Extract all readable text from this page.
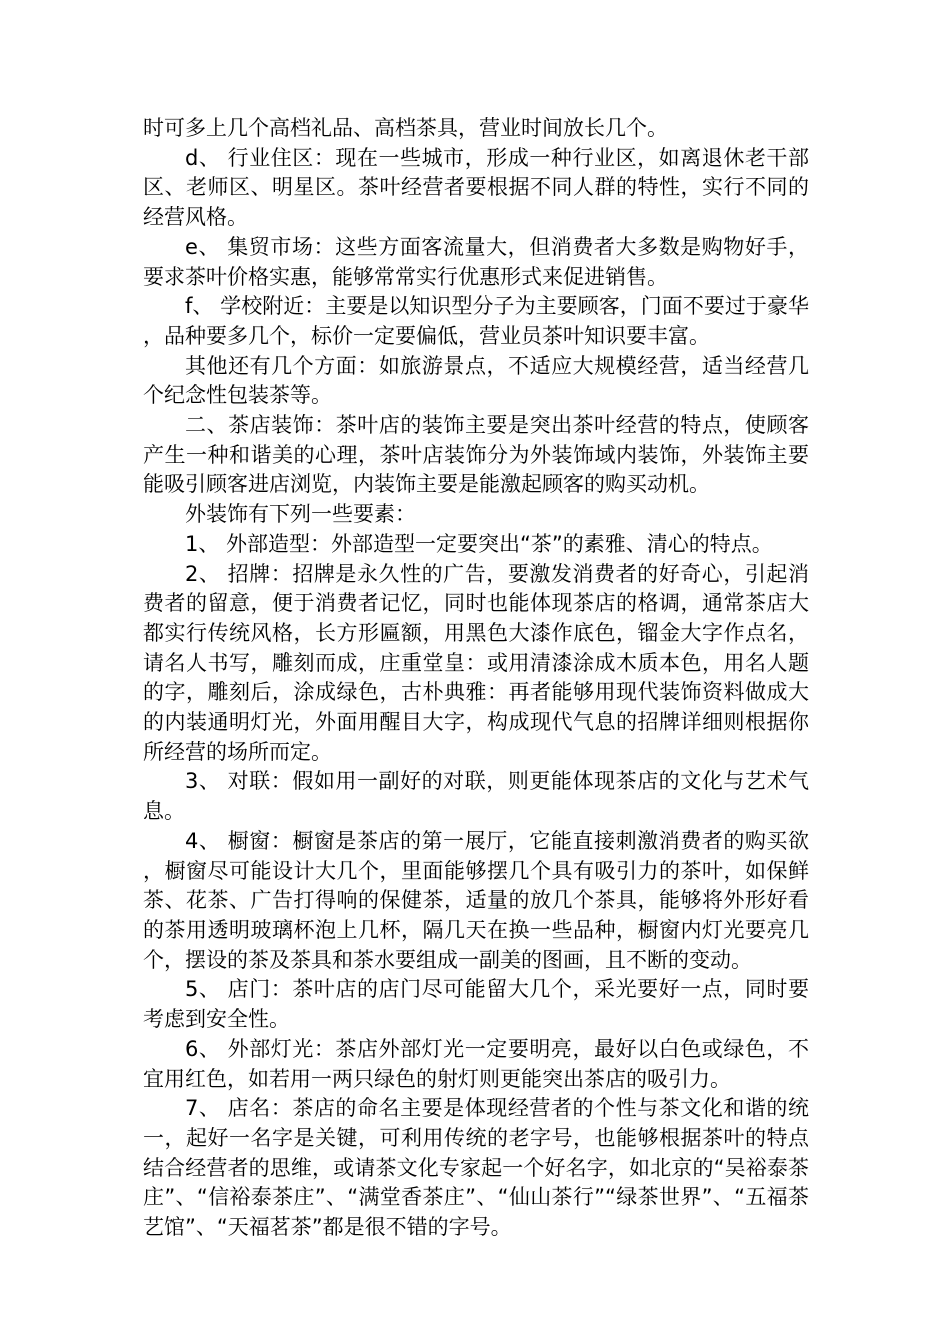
时可多上几个高档礼品、高档茶具，营业时间放长几个。

d、 行业住区：现在一些城市，形成一种行业区，如离退休老干部区、老师区、明星区。茶叶经营者要根据不同人群的特性，实行不同的经营风格。

e、 集贸市场：这些方面客流量大，但消费者大多数是购物好手，要求茶叶价格实惠，能够常常实行优惠形式来促进销售。

f、 学校附近：主要是以知识型分子为主要顾客，门面不要过于豪华，品种要多几个，标价一定要偏低，营业员茶叶知识要丰富。

其他还有几个方面：如旅游景点，不适应大规模经营，适当经营几个纪念性包装茶等。

二、茶店装饰：茶叶店的装饰主要是突出茶叶经营的特点，使顾客产生一种和谐美的心理，茶叶店装饰分为外装饰域内装饰，外装饰主要能吸引顾客进店浏览，内装饰主要是能激起顾客的购买动机。

外装饰有下列一些要素：

1、 外部造型：外部造型一定要突出“茶”的素雅、清心的特点。

2、 招牌：招牌是永久性的广告，要激发消费者的好奇心，引起消费者的留意，便于消费者记忆，同时也能体现茶店的格调，通常茶店大都实行传统风格，长方形匾额，用黑色大漆作底色，镏金大字作点名，请名人书写，雕刻而成，庄重堂皇：或用清漆涂成木质本色，用名人题的字，雕刻后，涂成绿色，古朴典雅：再者能够用现代装饰资料做成大的内装通明灯光，外面用醒目大字，构成现代气息的招牌详细则根据你所经营的场所而定。

3、 对联：假如用一副好的对联，则更能体现茶店的文化与艺术气息。

4、 橱窗：橱窗是茶店的第一展厅，它能直接刺激消费者的购买欲，橱窗尽可能设计大几个，里面能够摆几个具有吸引力的茶叶，如保鲜茶、花茶、广告打得响的保健茶，适量的放几个茶具，能够将外形好看的茶用透明玻璃杯泡上几杯，隔几天在换一些品种，橱窗内灯光要亮几个，摆设的茶及茶具和茶水要组成一副美的图画，且不断的变动。

5、 店门：茶叶店的店门尽可能留大几个，采光要好一点，同时要考虑到安全性。

6、 外部灯光：茶店外部灯光一定要明亮，最好以白色或绿色，不宜用红色，如若用一两只绿色的射灯则更能突出茶店的吸引力。

7、 店名：茶店的命名主要是体现经营者的个性与茶文化和谐的统一，起好一名字是关键，可利用传统的老字号，也能够根据茶叶的特点结合经营者的思维，或请茶文化专家起一个好名字，如北京的“吴裕泰茶庄”、“信裕泰茶庄”、“满堂香茶庄”、“仙山茶行”“绿茶世界”、“五福茶艺馆”、“天福茗茶”都是很不错的字号。
